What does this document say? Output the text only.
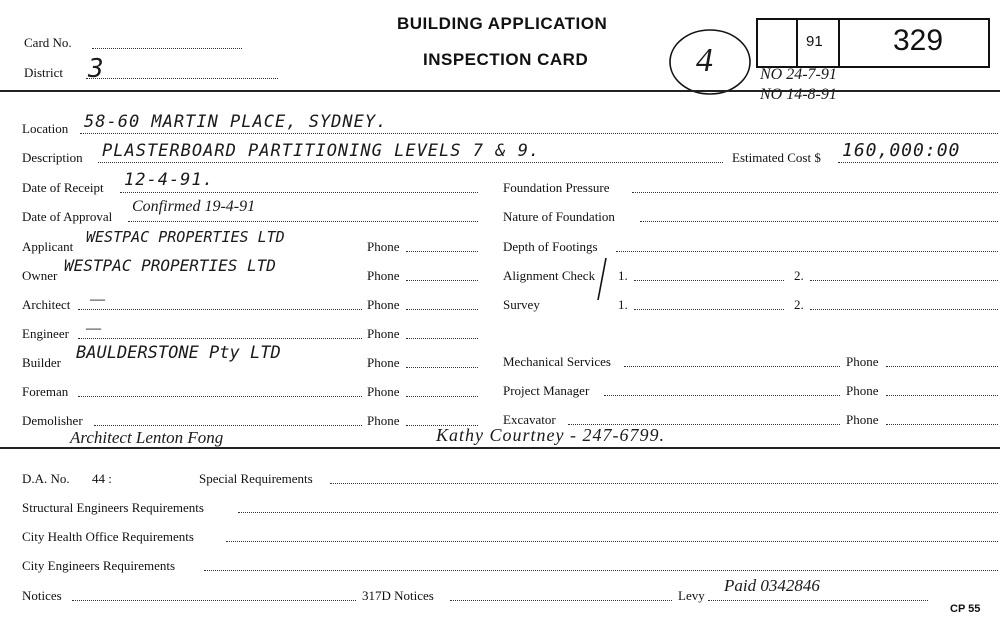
Card No.
District 3
BUILDING APPLICATION
INSPECTION CARD	4
91 329
NO 24-7-91
NO 14-8-91
Location 58-60 MARTIN PLACE, SYDNEY.
Description PLASTERBOARD PARTITIONING LEVELS 7 & 9.	Estimated Cost $ 160,000:00
Date of Receipt 12-4-91.
Date of Approval
Confirmed 19-4-91
Applicant
WESTPAC PROPERTIES LTD
Phone
Owner
WESTPAC PROPERTIES LTD
Phone
Architect —	Phone
Engineer —	Phone
Builder BAULDERSTONE Pty LTD	Phone
Foreman	Phone
Demolisher	Phone
Foundation Pressure
Nature of Foundation
Depth of Footings
Alignment Check 1.	2.
Survey	1.	2.
Mechanical Services	Phone
Project Manager	Phone
Excavator	Phone
Architect Lenton Fong	Kathy Courtney - 247-6799.
D.A. No. 44 :	Special Requirements
Structural Engineers Requirements
City Health Office Requirements
City Engineers Requirements
Notices	317D Notices	Levy
Paid 0342846
CP 55
